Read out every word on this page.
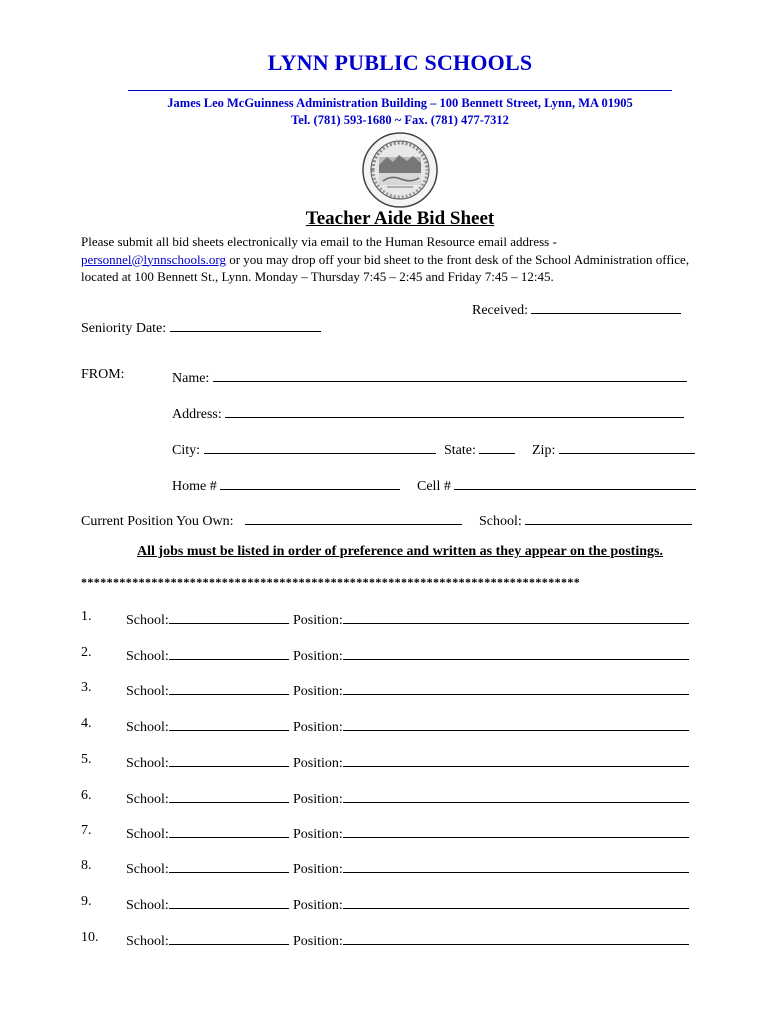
LYNN PUBLIC SCHOOLS
James Leo McGuinness Administration Building – 100 Bennett Street, Lynn, MA 01905
Tel. (781) 593-1680 ~ Fax. (781) 477-7312
Teacher Aide Bid Sheet
Please submit all bid sheets electronically via email to the Human Resource email address -
personnel@lynnschools.org or you may drop off your bid sheet to the front desk of the School Administration office, located at 100 Bennett St., Lynn. Monday – Thursday 7:45 – 2:45 and Friday 7:45 – 12:45.
Received:
Seniority Date:
FROM:	Name:
Address:
City:	State:	Zip:
Home #	Cell #
Current Position You Own:	School:
All jobs must be listed in order of preference and written as they appear on the postings.
******************************************************************************
1. School:	Position:
2. School:	Position:
3. School:	Position:
4. School:	Position:
5. School:	Position:
6. School:	Position:
7. School:	Position:
8. School:	Position:
9. School:	Position:
10. School:	Position:
